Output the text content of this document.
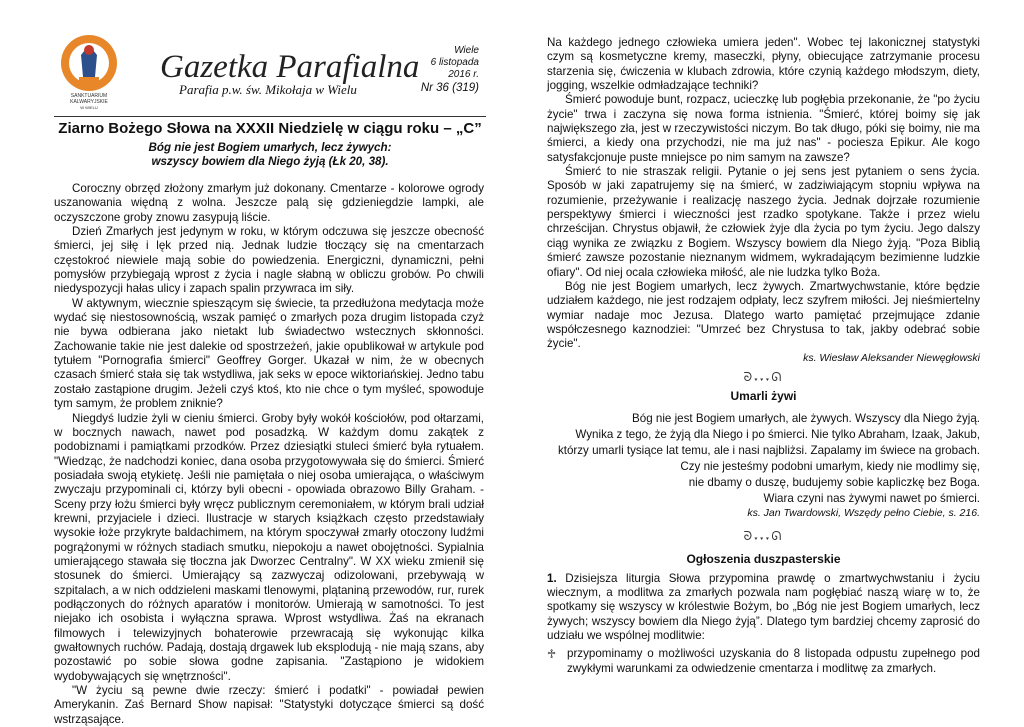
SANKTUARIUM
KALWARYJSKIE
W WIELU
Gazetka Parafialna
Parafia p.w. św. Mikołaja w Wielu
Wiele
6 listopada
2016 r.
Nr 36 (319)
Ziarno Bożego Słowa na XXXII Niedzielę w ciągu roku – „C”
Bóg nie jest Bogiem umarłych, lecz żywych:
wszyscy bowiem dla Niego żyją (Łk 20, 38).

Coroczny obrzęd złożony zmarłym już dokonany. Cmentarze - kolorowe ogrody uszanowania więdną z wolna. Jeszcze palą się gdzieniegdzie lampki, ale oczyszczone groby znowu zasypują liście.

Dzień Zmarłych jest jedynym w roku, w którym odczuwa się jeszcze obecność śmierci, jej siłę i lęk przed nią. Jednak ludzie tłoczący się na cmentarzach częstokroć niewiele mają sobie do powiedzenia. Energiczni, dynamiczni, pełni pomysłów przybiegają wprost z życia i nagle słabną w obliczu grobów. Po chwili niedyspozycji hałas ulicy i zapach spalin przywraca im siły.

W aktywnym, wiecznie spieszącym się świecie, ta przedłużona medytacja może wydać się niestosownością, wszak pamięć o zmarłych poza drugim listopada czyż nie bywa odbierana jako nietakt lub świadectwo wstecznych skłonności. Zachowanie takie nie jest dalekie od spostrzeżeń, jakie opublikował w artykule pod tytułem "Pornografia śmierci" Geoffrey Gorger. Ukazał w nim, że w obecnych czasach śmierć stała się tak wstydliwa, jak seks w epoce wiktoriańskiej. Jedno tabu zostało zastąpione drugim. Jeżeli czyś ktoś, kto nie chce o tym myśleć, spowoduje tym samym, że problem zniknie?

Niegdyś ludzie żyli w cieniu śmierci. Groby były wokół kościołów, pod ołtarzami, w bocznych nawach, nawet pod posadzką. W każdym domu zakątek z podobiznami i pamiątkami przodków. Przez dziesiątki stuleci śmierć była rytuałem. "Wiedząc, że nadchodzi koniec, dana osoba przygotowywała się do śmierci. Śmierć posiadała swoją etykietę. Jeśli nie pamiętała o niej osoba umierająca, o właściwym zwyczaju przypominali ci, którzy byli obecni - opowiada obrazowo Billy Graham. - Sceny przy łożu śmierci były wręcz publicznym ceremoniałem, w którym brali udział krewni, przyjaciele i dzieci. Ilustracje w starych książkach często przedstawiały wysokie łoże przykryte baldachimem, na którym spoczywał zmarły otoczony ludźmi pogrążonymi w różnych stadiach smutku, niepokoju a nawet obojętności. Sypialnia umierającego stawała się tłoczna jak Dworzec Centralny". W XX wieku zmienił się stosunek do śmierci. Umierający są zazwyczaj odizolowani, przebywają w szpitalach, a w nich oddzieleni maskami tlenowymi, plątaniną przewodów, rur, rurek podłączonych do różnych aparatów i monitorów. Umierają w samotności. To jest niejako ich osobista i wyłączna sprawa. Wprost wstydliwa. Żaś na ekranach filmowych i telewizyjnych bohaterowie przewracają się wykonując kilka gwałtownych ruchów. Padają, dostają drgawek lub eksplodują - nie mają szans, aby pozostawić po sobie słowa godne zapisania. "Zastąpiono je widokiem wydobywających się wnętrzności".

"W życiu są pewne dwie rzeczy: śmierć i podatki" - powiadał pewien Amerykanin. Zaś Bernard Show napisał: "Statystyki dotyczące śmierci są dość wstrząsające.

Na każdego jednego człowieka umiera jeden". Wobec tej lakonicznej statystyki czym są kosmetyczne kremy, maseczki, płyny, obiecujące zatrzymanie procesu starzenia się, ćwiczenia w klubach zdrowia, które czynią każdego młodszym, diety, jogging, wszelkie odmładzające techniki?

Śmierć powoduje bunt, rozpacz, ucieczkę lub pogłębia przekonanie, że "po życiu życie" trwa i zaczyna się nowa forma istnienia. "Śmierć, której boimy się jak największego zła, jest w rzeczywistości niczym. Bo tak długo, póki się boimy, nie ma śmierci, a kiedy ona przychodzi, nie ma już nas" - pociesza Epikur. Ale kogo satysfakcjonuje puste mniejsce po nim samym na zawsze?

Śmierć to nie straszak religii. Pytanie o jej sens jest pytaniem o sens życia. Sposób w jaki zapatrujemy się na śmierć, w zadziwiającym stopniu wpływa na rozumienie, przeżywanie i realizację naszego życia. Jednak dojrzałe rozumienie perspektywy śmierci i wieczności jest rzadko spotykane. Także i przez wielu chrześcijan. Chrystus objawił, że człowiek żyje dla życia po tym życiu. Jego dalszy ciąg wynika ze związku z Bogiem. Wszyscy bowiem dla Niego żyją. "Poza Biblią śmierć zawsze pozostanie nieznanym widmem, wykradającym bezimienne ludzkie ofiary". Od niej ocala człowieka miłość, ale nie ludzka tylko Boża.

Bóg nie jest Bogiem umarłych, lecz żywych. Zmartwychwstanie, które będzie udziałem każdego, nie jest rodzajem odpłaty, lecz szyfrem miłości. Jej nieśmiertelny wymiar nadaje moc Jezusa. Dlatego warto pamiętać przejmujące zdanie współczesnego kaznodziei: "Umrzeć bez Chrystusa to tak, jakby odebrać sobie życie".

ks. Wiesław Aleksander Niewęgłowski

ᘐ𝅏𝅏𝅏ᘏ
Umarli żywi
Bóg nie jest Bogiem umarłych, ale żywych. Wszyscy dla Niego żyją.
Wynika z tego, że żyją dla Niego i po śmierci. Nie tylko Abraham, Izaak, Jakub,
którzy umarli tysiące lat temu, ale i nasi najbliżsi. Zapalamy im świece na grobach.
Czy nie jesteśmy podobni umarłym, kiedy nie modlimy się,
nie dbamy o duszę, budujemy sobie kapliczkę bez Boga.
Wiara czyni nas żywymi nawet po śmierci.

ks. Jan Twardowski, Wszędy pełno Ciebie, s. 216.

ᘐ𝅏𝅏𝅏ᘏ
Ogłoszenia duszpasterskie

1. Dzisiejsza liturgia Słowa przypomina prawdę o zmartwychwstaniu i życiu wiecznym, a modlitwa za zmarłych pozwala nam pogłębiać naszą wiarę w to, że spotkamy się wszyscy w królestwie Bożym, bo „Bóg nie jest Bogiem umarłych, lecz żywych; wszyscy bowiem dla Niego żyją”. Dlatego tym bardziej chcemy zaprosić do udziału we wspólnej modlitwie:

♱ przypominamy o możliwości uzyskania do 8 listopada odpustu zupełnego pod zwykłymi warunkami za odwiedzenie cmentarza i modlitwę za zmarłych.
